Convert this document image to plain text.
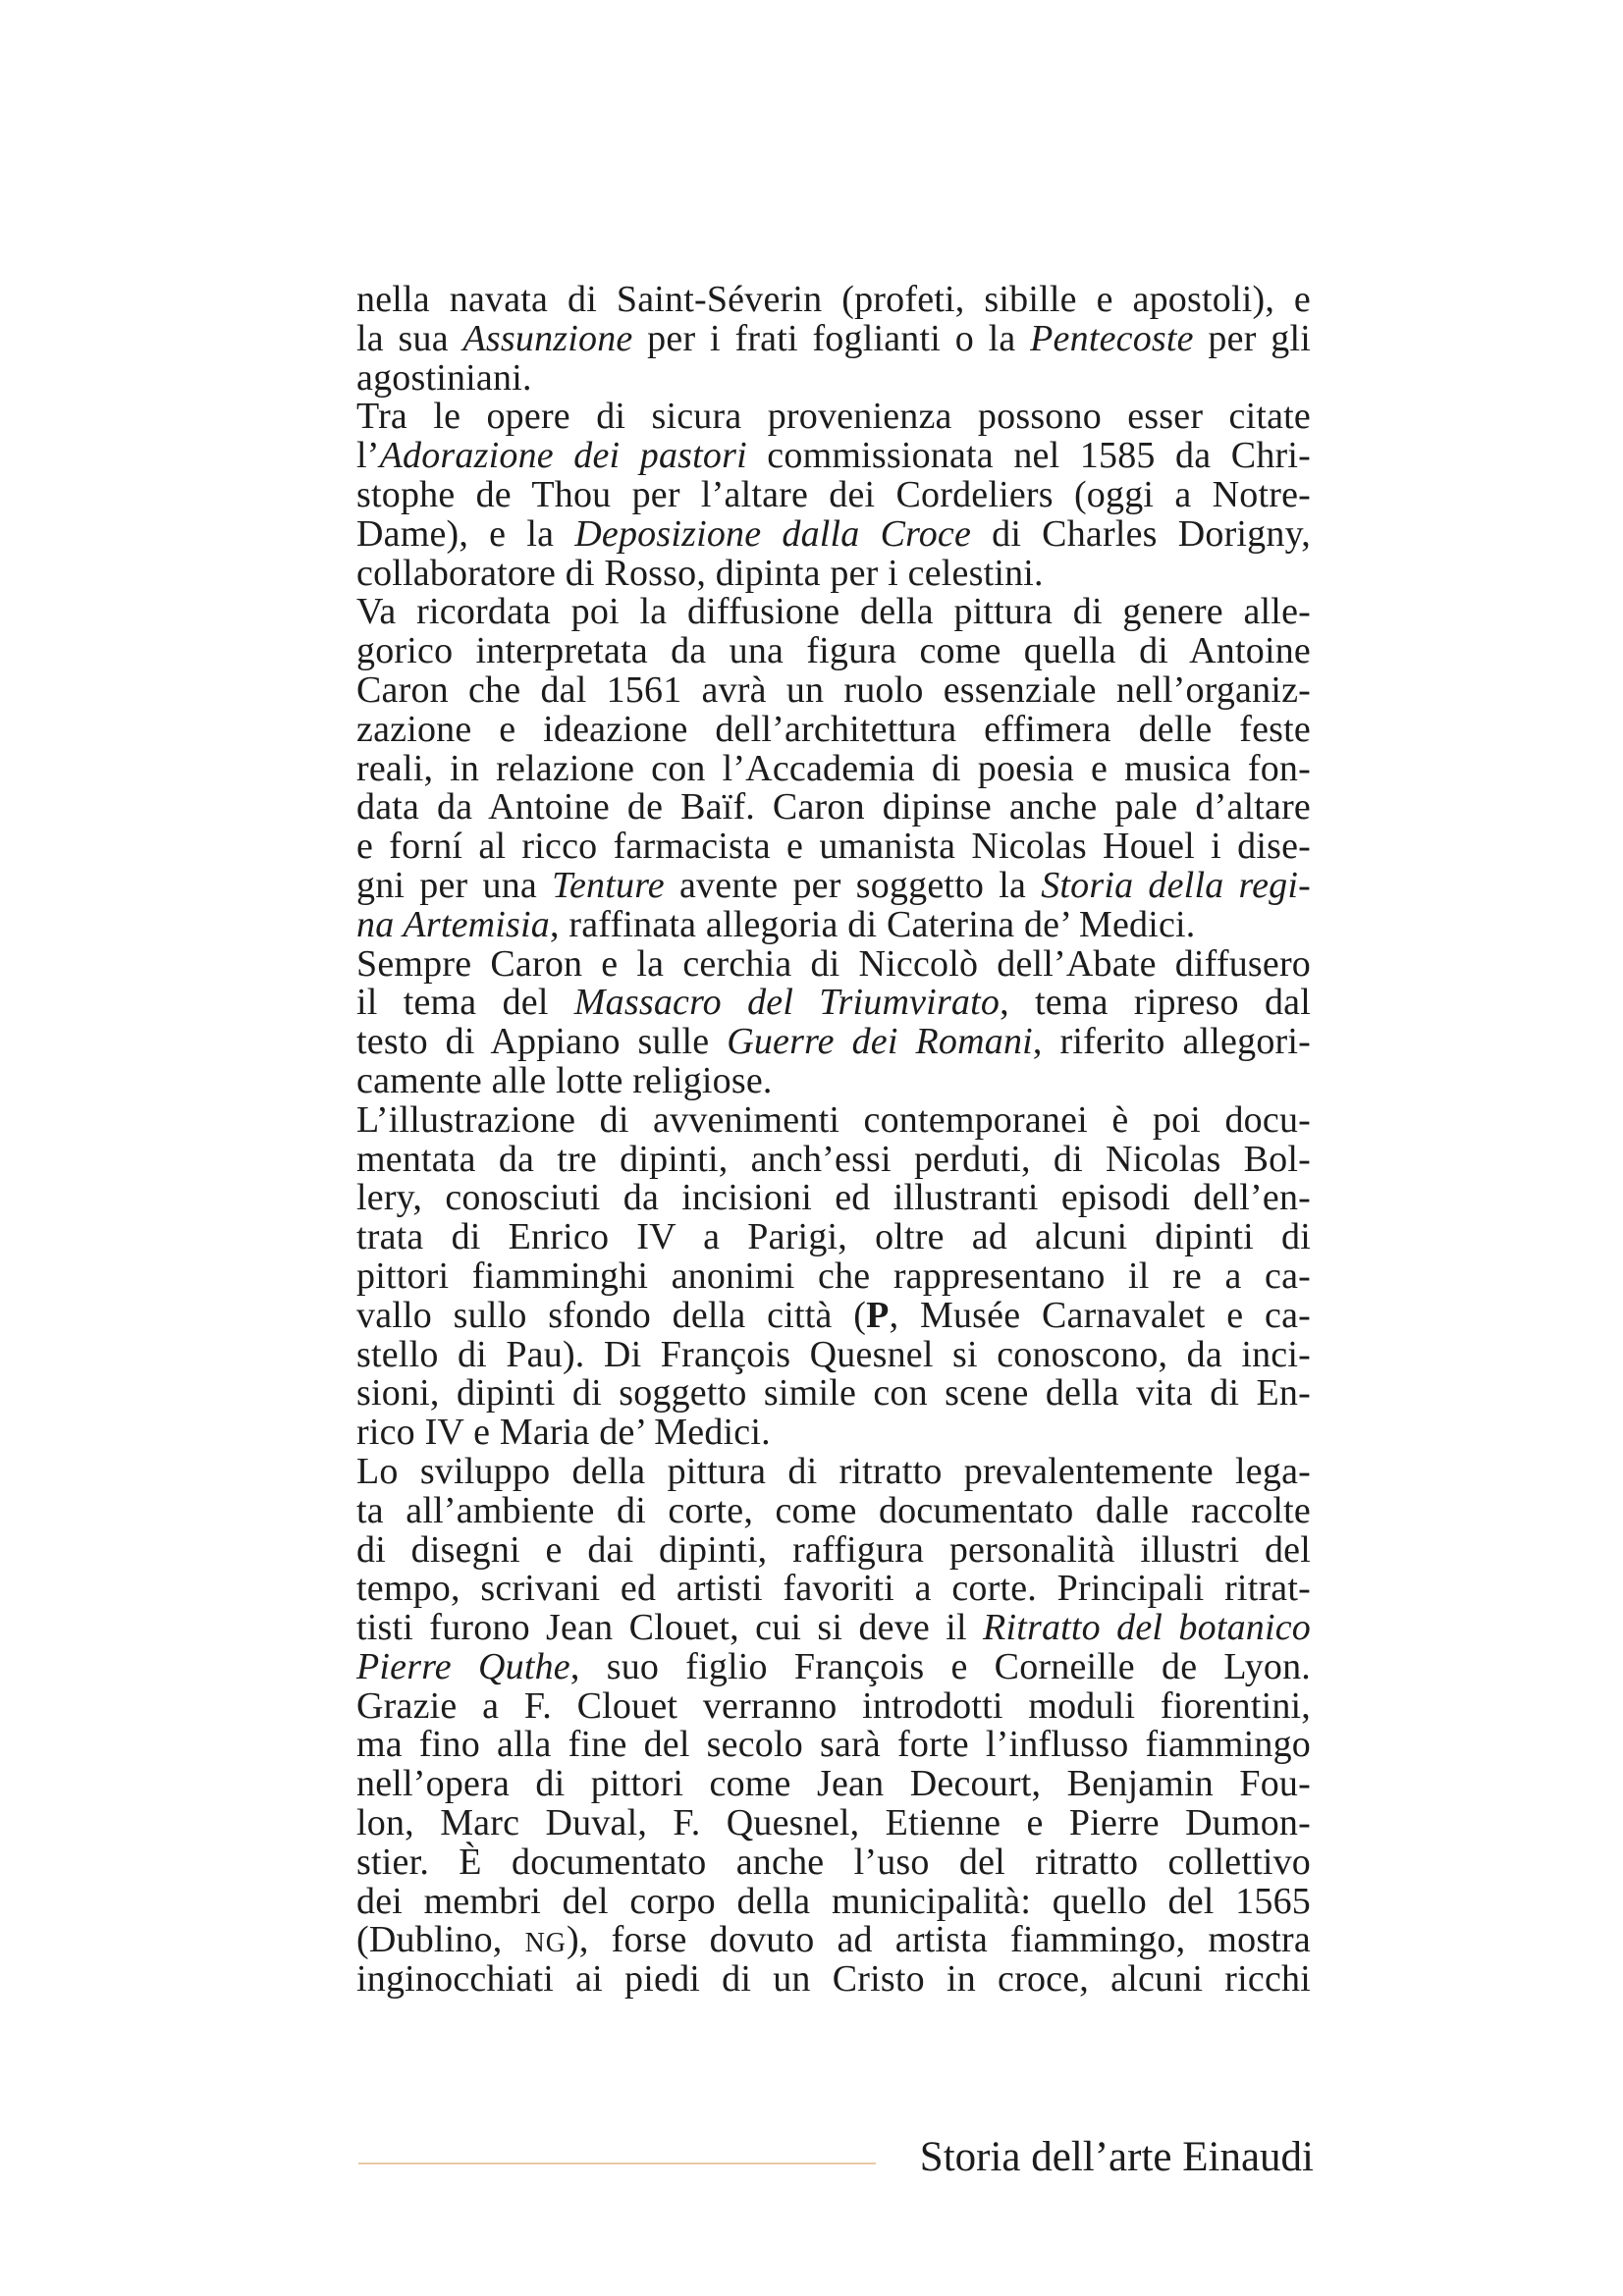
nella navata di Saint-Séverin (profeti, sibille e apostoli), e
la sua Assunzione per i frati foglianti o la Pentecoste per gli
agostiniani.
Tra le opere di sicura provenienza possono esser citate
l’Adorazione dei pastori commissionata nel 1585 da Chri-
stophe de Thou per l’altare dei Cordeliers (oggi a Notre-
Dame), e la Deposizione dalla Croce di Charles Dorigny,
collaboratore di Rosso, dipinta per i celestini.
Va ricordata poi la diffusione della pittura di genere alle-
gorico interpretata da una figura come quella di Antoine
Caron che dal 1561 avrà un ruolo essenziale nell’organiz-
zazione e ideazione dell’architettura effimera delle feste
reali, in relazione con l’Accademia di poesia e musica fon-
data da Antoine de Baïf. Caron dipinse anche pale d’altare
e forní al ricco farmacista e umanista Nicolas Houel i dise-
gni per una Tenture avente per soggetto la Storia della regi-
na Artemisia, raffinata allegoria di Caterina de’ Medici.
Sempre Caron e la cerchia di Niccolò dell’Abate diffusero
il tema del Massacro del Triumvirato, tema ripreso dal
testo di Appiano sulle Guerre dei Romani, riferito allegori-
camente alle lotte religiose.
L’illustrazione di avvenimenti contemporanei è poi docu-
mentata da tre dipinti, anch’essi perduti, di Nicolas Bol-
lery, conosciuti da incisioni ed illustranti episodi dell’en-
trata di Enrico IV a Parigi, oltre ad alcuni dipinti di
pittori fiamminghi anonimi che rappresentano il re a ca-
vallo sullo sfondo della città (P, Musée Carnavalet e ca-
stello di Pau). Di François Quesnel si conoscono, da inci-
sioni, dipinti di soggetto simile con scene della vita di En-
rico IV e Maria de’ Medici.
Lo sviluppo della pittura di ritratto prevalentemente lega-
ta all’ambiente di corte, come documentato dalle raccolte
di disegni e dai dipinti, raffigura personalità illustri del
tempo, scrivani ed artisti favoriti a corte. Principali ritrat-
tisti furono Jean Clouet, cui si deve il Ritratto del botanico
Pierre Quthe, suo figlio François e Corneille de Lyon.
Grazie a F. Clouet verranno introdotti moduli fiorentini,
ma fino alla fine del secolo sarà forte l’influsso fiammingo
nell’opera di pittori come Jean Decourt, Benjamin Fou-
lon, Marc Duval, F. Quesnel, Etienne e Pierre Dumon-
stier. È documentato anche l’uso del ritratto collettivo
dei membri del corpo della municipalità: quello del 1565
(Dublino, NG), forse dovuto ad artista fiammingo, mostra
inginocchiati ai piedi di un Cristo in croce, alcuni ricchi
Storia dell’arte Einaudi
